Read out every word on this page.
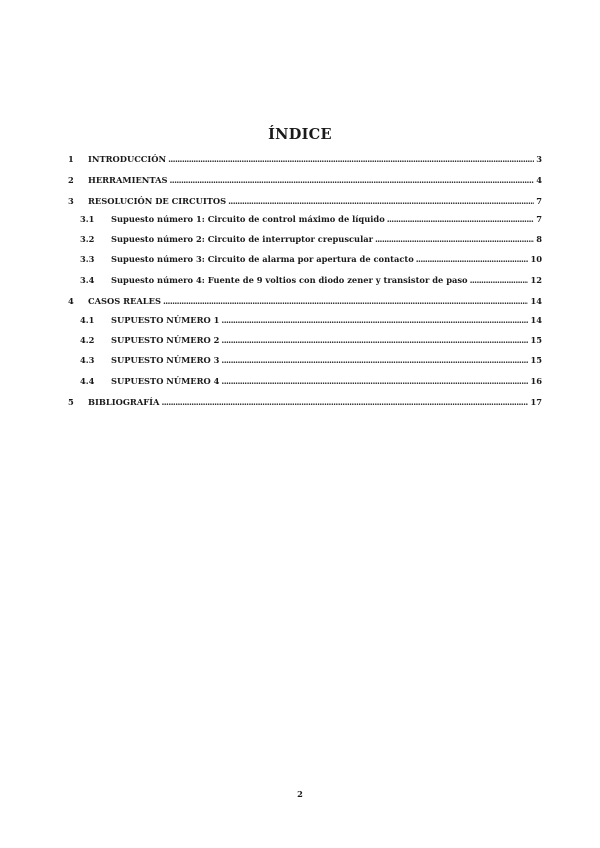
ÍNDICE
1	INTRODUCCIÓN .....	3
2	HERRAMIENTAS .....	4
3	RESOLUCIÓN DE CIRCUITOS .....	7
3.1	Supuesto número 1: Circuito de control máximo de líquido .....	7
3.2	Supuesto número 2: Circuito de interruptor crepuscular .....	8
3.3	Supuesto número 3: Circuito de alarma por apertura de contacto .....	10
3.4	Supuesto número 4: Fuente de 9 voltios con diodo zener y transistor de paso .....	12
4	CASOS REALES .....	14
4.1	SUPUESTO NÚMERO 1 .....	14
4.2	SUPUESTO NÚMERO 2 .....	15
4.3	SUPUESTO NÚMERO 3 .....	15
4.4	SUPUESTO NÚMERO 4 .....	16
5	BIBLIOGRAFÍA .....	17
2
